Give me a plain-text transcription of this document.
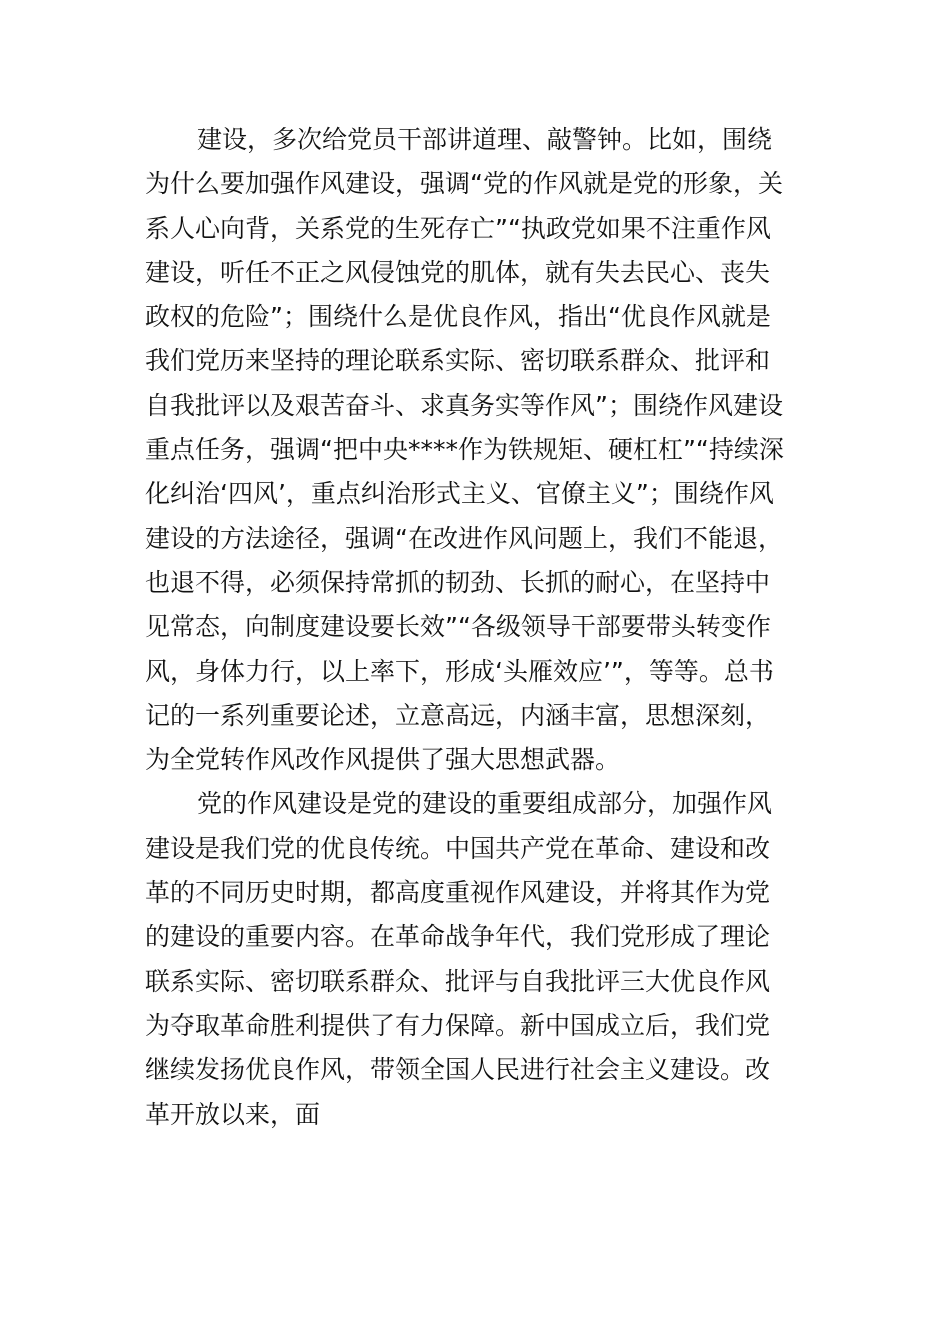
建设，多次给党员干部讲道理、敲警钟。比如，围绕
为什么要加强作风建设，强调“党的作风就是党的形象，关
系人心向背，关系党的生死存亡”“执政党如果不注重作风
建设，听任不正之风侵蚀党的肌体，就有失去民心、丧失
政权的危险”；围绕什么是优良作风，指出“优良作风就是
我们党历来坚持的理论联系实际、密切联系群众、批评和
自我批评以及艰苦奋斗、求真务实等作风”；围绕作风建设
重点任务，强调“把中央****作为铁规矩、硬杠杠”“持续深
化纠治‘四风’，重点纠治形式主义、官僚主义”；围绕作风
建设的方法途径，强调“在改进作风问题上，我们不能退，
也退不得，必须保持常抓的韧劲、长抓的耐心，在坚持中
见常态，向制度建设要长效”“各级领导干部要带头转变作
风，身体力行，以上率下，形成‘头雁效应’”，等等。总书
记的一系列重要论述，立意高远，内涵丰富，思想深刻，
为全党转作风改作风提供了强大思想武器。
党的作风建设是党的建设的重要组成部分，加强作风
建设是我们党的优良传统。中国共产党在革命、建设和改
革的不同历史时期，都高度重视作风建设，并将其作为党
的建设的重要内容。在革命战争年代，我们党形成了理论
联系实际、密切联系群众、批评与自我批评三大优良作风
为夺取革命胜利提供了有力保障。新中国成立后，我们党
继续发扬优良作风，带领全国人民进行社会主义建设。改
革开放以来，面
